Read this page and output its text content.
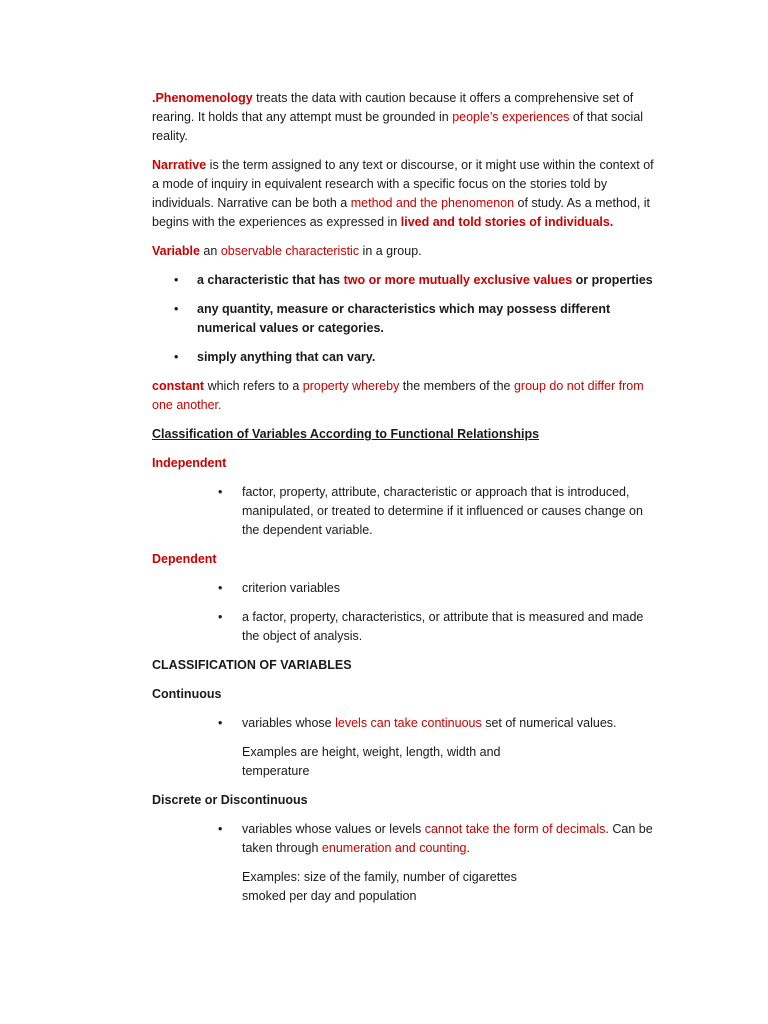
.Phenomenology treats the data with caution because it offers a comprehensive set of rearing. It holds that any attempt must be grounded in people’s experiences of that social reality.

Narrative is the term assigned to any text or discourse, or it might use within the context of a mode of inquiry in equivalent research with a specific focus on the stories told by individuals. Narrative can be both a method and the phenomenon of study. As a method, it begins with the experiences as expressed in lived and told stories of individuals.

Variable an observable characteristic in a group.

• a characteristic that has two or more mutually exclusive values or properties
• any quantity, measure or characteristics which may possess different numerical values or categories.
• simply anything that can vary.

constant which refers to a property whereby the members of the group do not differ from one another.

Classification of Variables According to Functional Relationships

Independent

• factor, property, attribute, characteristic or approach that is introduced, manipulated, or treated to determine if it influenced or causes change on the dependent variable.

Dependent

• criterion variables
• a factor, property, characteristics, or attribute that is measured and made the object of analysis.

CLASSIFICATION OF VARIABLES

Continuous

• variables whose levels can take continuous set of numerical values.

Examples are height, weight, length, width and temperature

Discrete or Discontinuous

• variables whose values or levels cannot take the form of decimals. Can be taken through enumeration and counting.

Examples: size of the family, number of cigarettes smoked per day and population
